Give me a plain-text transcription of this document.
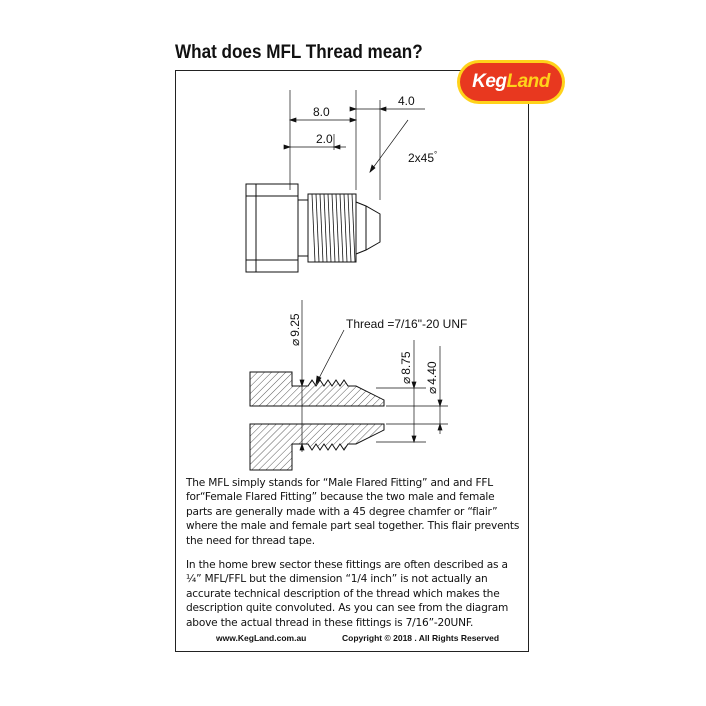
What does MFL Thread mean?
KegLand
8.0
4.0
2.0
2x45°
Thread =7/16"-20 UNF
⌀9.25
⌀8.75
⌀4.40

The MFL simply stands for “Male Flared Fitting” and and FFL for“Female Flared Fitting” because the two male and female parts are generally made with a 45 degree chamfer or “flair” where the male and female part seal together. This flair prevents the need for thread tape.

In the home brew sector these fittings are often described as a ¼” MFL/FFL but the dimension “1/4 inch” is not actually an accurate technical description of the thread which makes the description quite convoluted. As you can see from the diagram above the actual thread in these fittings is 7/16”-20UNF.

www.KegLand.com.au	Copyright © 2018 . All Rights Reserved
